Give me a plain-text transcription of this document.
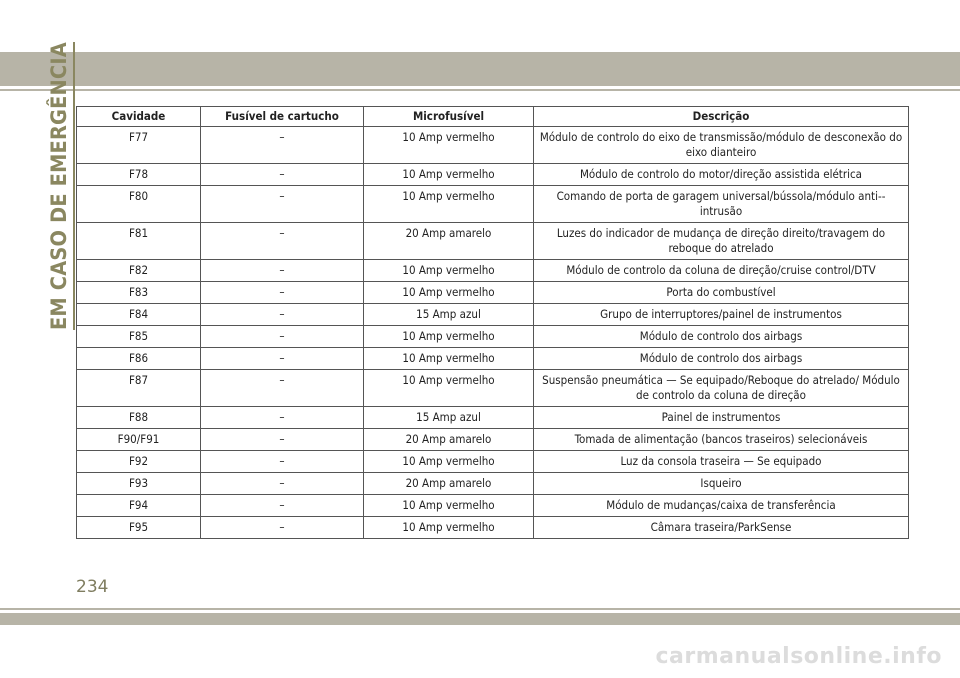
EM CASO DE EMERGÊNCIA	Cavidade	Fusível de cartucho	Microfusível	Descrição
F77	–	10 Amp vermelho	Módulo de controlo do eixo de transmissão/módulo de desconexão do eixo dianteiro
F78	–	10 Amp vermelho	Módulo de controlo do motor/direção assistida elétrica
F80	–	10 Amp vermelho	Comando de porta de garagem universal/bússola/módulo anti--intrusão
F81	–	20 Amp amarelo	Luzes do indicador de mudança de direção direito/travagem do reboque do atrelado
F82	–	10 Amp vermelho	Módulo de controlo da coluna de direção/cruise control/DTV
F83	–	10 Amp vermelho	Porta do combustível
F84	–	15 Amp azul	Grupo de interruptores/painel de instrumentos
F85	–	10 Amp vermelho	Módulo de controlo dos airbags
F86	–	10 Amp vermelho	Módulo de controlo dos airbags
F87	–	10 Amp vermelho	Suspensão pneumática — Se equipado/Reboque do atrelado/ Módulo de controlo da coluna de direção
F88	–	15 Amp azul	Painel de instrumentos
F90/F91	–	20 Amp amarelo	Tomada de alimentação (bancos traseiros) selecionáveis
F92	–	10 Amp vermelho	Luz da consola traseira — Se equipado
F93	–	20 Amp amarelo	Isqueiro
F94	–	10 Amp vermelho	Módulo de mudanças/caixa de transferência
F95	–	10 Amp vermelho	Câmara traseira/ParkSense
234
carmanualsonline.info
